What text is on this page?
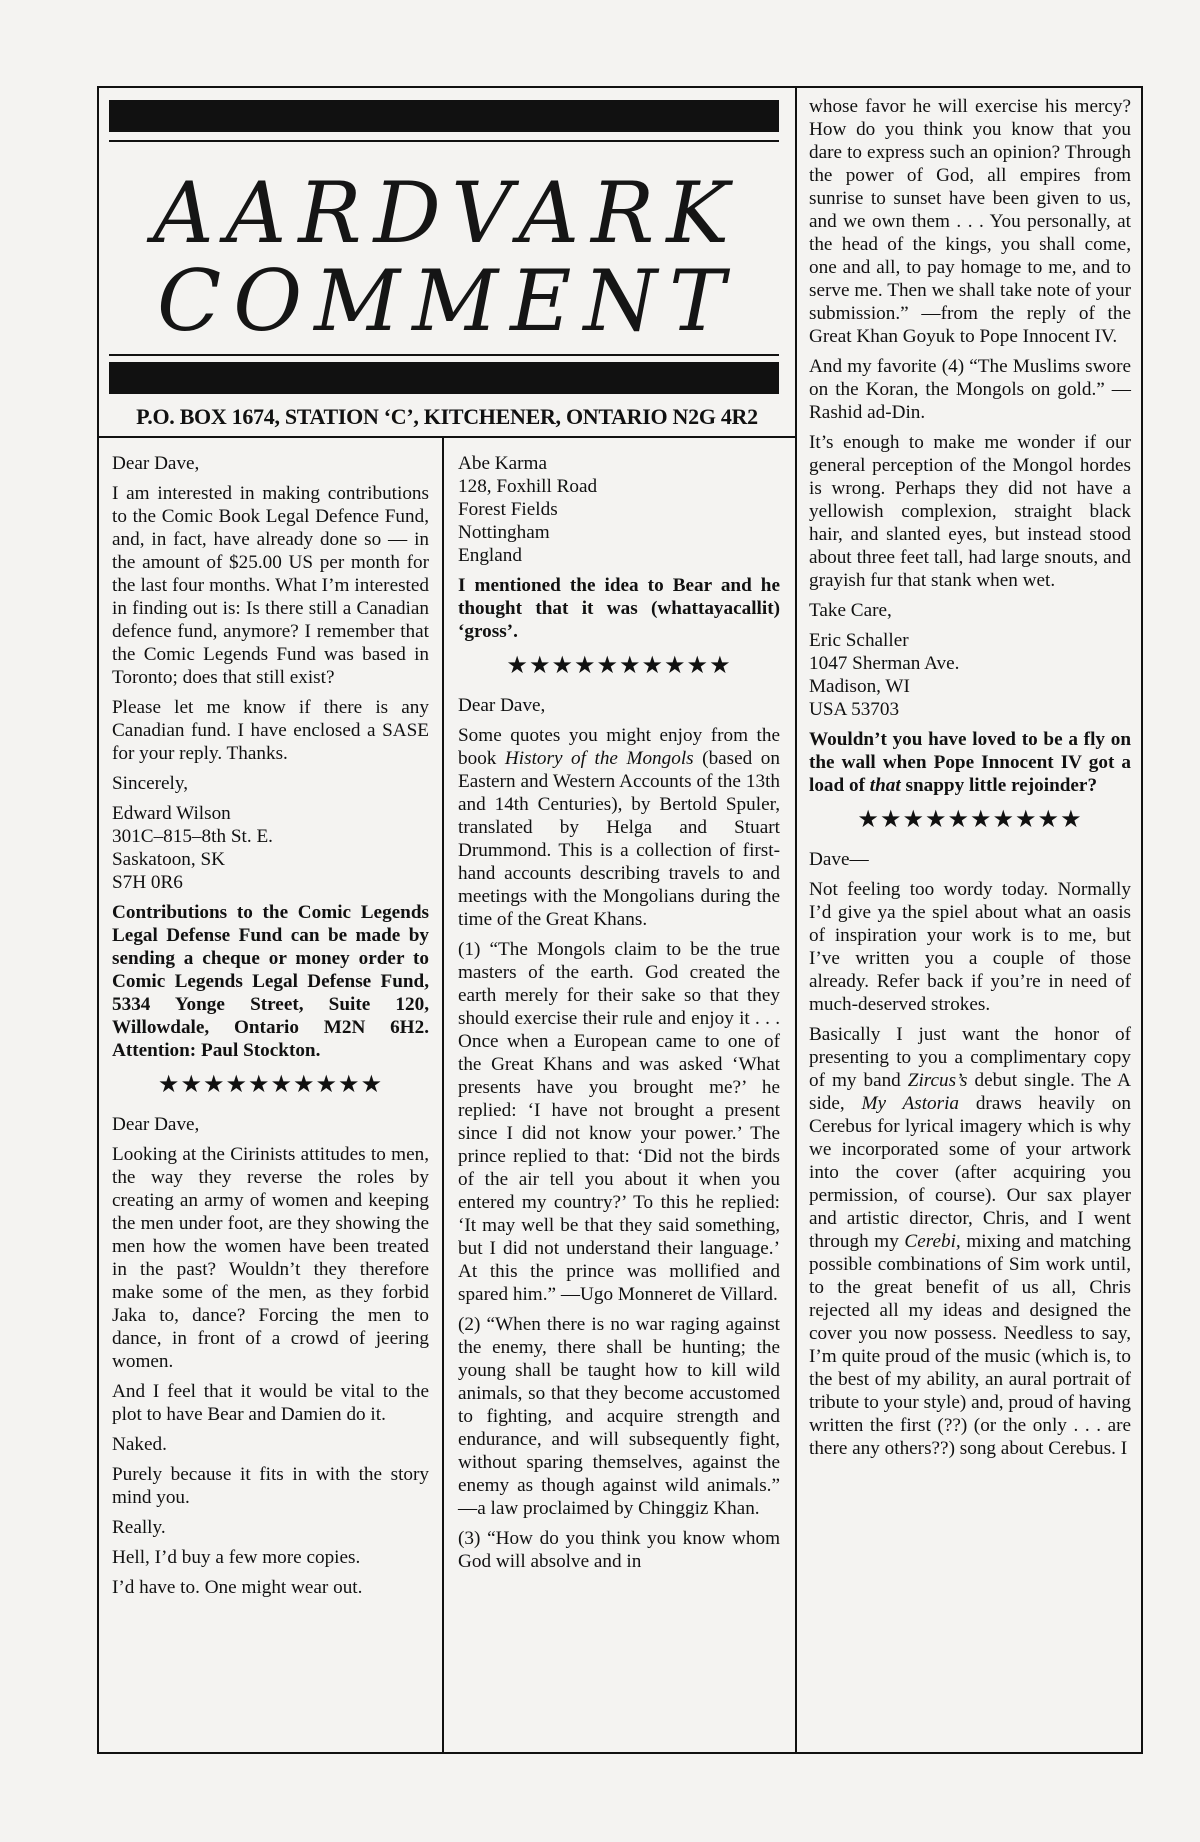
AARDVARK
COMMENT
P.O. BOX 1674, STATION ‘C’, KITCHENER, ONTARIO N2G 4R2

Dear Dave,

I am interested in making contributions to the Comic Book Legal Defence Fund, and, in fact, have already done so — in the amount of $25.00 US per month for the last four months. What I’m interested in finding out is: Is there still a Canadian defence fund, anymore? I remember that the Comic Legends Fund was based in Toronto; does that still exist?

Please let me know if there is any Canadian fund. I have enclosed a SASE for your reply. Thanks.

Sincerely,

Edward Wilson
301C–815–8th St. E.
Saskatoon, SK
S7H 0R6

Contributions to the Comic Legends Legal Defense Fund can be made by sending a cheque or money order to Comic Legends Legal Defense Fund, 5334 Yonge Street, Suite 120, Willowdale, Ontario M2N 6H2. Attention: Paul Stockton.

★★★★★★★★★★

Dear Dave,

Looking at the Cirinists attitudes to men, the way they reverse the roles by creating an army of women and keeping the men under foot, are they showing the men how the women have been treated in the past? Wouldn’t they therefore make some of the men, as they forbid Jaka to, dance? Forcing the men to dance, in front of a crowd of jeering women.

And I feel that it would be vital to the plot to have Bear and Damien do it.

Naked.

Purely because it fits in with the story mind you.

Really.

Hell, I’d buy a few more copies.

I’d have to. One might wear out.

Abe Karma
128, Foxhill Road
Forest Fields
Nottingham
England

I mentioned the idea to Bear and he thought that it was (whattayacallit) ‘gross’.

★★★★★★★★★★

Dear Dave,

Some quotes you might enjoy from the book History of the Mongols (based on Eastern and Western Accounts of the 13th and 14th Centuries), by Bertold Spuler, translated by Helga and Stuart Drummond. This is a collection of first-hand accounts describing travels to and meetings with the Mongolians during the time of the Great Khans.

(1) “The Mongols claim to be the true masters of the earth. God created the earth merely for their sake so that they should exercise their rule and enjoy it . . . Once when a European came to one of the Great Khans and was asked ‘What presents have you brought me?’ he replied: ‘I have not brought a present since I did not know your power.’ The prince replied to that: ‘Did not the birds of the air tell you about it when you entered my country?’ To this he replied: ‘It may well be that they said something, but I did not understand their language.’ At this the prince was mollified and spared him.” —Ugo Monneret de Villard.

(2) “When there is no war raging against the enemy, there shall be hunting; the young shall be taught how to kill wild animals, so that they become accustomed to fighting, and acquire strength and endurance, and will subsequently fight, without sparing themselves, against the enemy as though against wild animals.” —a law proclaimed by Chinggiz Khan.

(3) “How do you think you know whom God will absolve and in

whose favor he will exercise his mercy? How do you think you know that you dare to express such an opinion? Through the power of God, all empires from sunrise to sunset have been given to us, and we own them . . . You personally, at the head of the kings, you shall come, one and all, to pay homage to me, and to serve me. Then we shall take note of your submission.” —from the reply of the Great Khan Goyuk to Pope Innocent IV.

And my favorite (4) “The Muslims swore on the Koran, the Mongols on gold.” —Rashid ad-Din.

It’s enough to make me wonder if our general perception of the Mongol hordes is wrong. Perhaps they did not have a yellowish complexion, straight black hair, and slanted eyes, but instead stood about three feet tall, had large snouts, and grayish fur that stank when wet.

Take Care,

Eric Schaller
1047 Sherman Ave.
Madison, WI
USA 53703

Wouldn’t you have loved to be a fly on the wall when Pope Innocent IV got a load of that snappy little rejoinder?

★★★★★★★★★★

Dave—

Not feeling too wordy today. Normally I’d give ya the spiel about what an oasis of inspiration your work is to me, but I’ve written you a couple of those already. Refer back if you’re in need of much-deserved strokes.

Basically I just want the honor of presenting to you a complimentary copy of my band Zircus’s debut single. The A side, My Astoria draws heavily on Cerebus for lyrical imagery which is why we incorporated some of your artwork into the cover (after acquiring you permission, of course). Our sax player and artistic director, Chris, and I went through my Cerebi, mixing and matching possible combinations of Sim work until, to the great benefit of us all, Chris rejected all my ideas and designed the cover you now possess. Needless to say, I’m quite proud of the music (which is, to the best of my ability, an aural portrait of tribute to your style) and, proud of having written the first (??) (or the only . . . are there any others??) song about Cerebus. I
